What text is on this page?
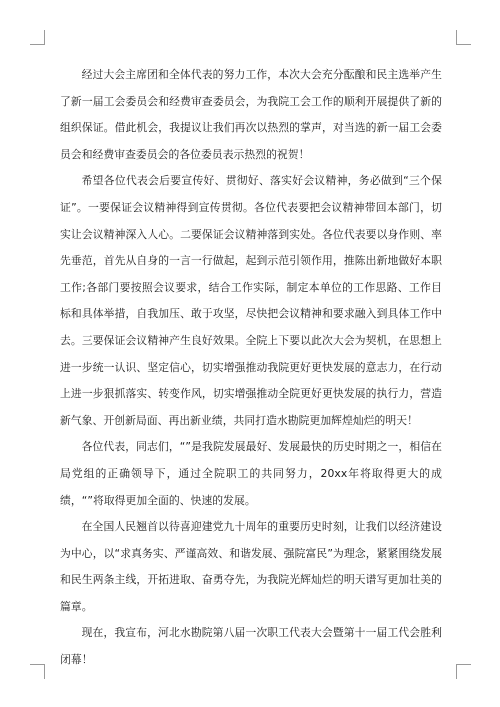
经过大会主席团和全体代表的努力工作，本次大会充分酝酿和民主选举产生了新一届工会委员会和经费审查委员会，为我院工会工作的顺利开展提供了新的组织保证。借此机会，我提议让我们再次以热烈的掌声，对当选的新一届工会委员会和经费审查委员会的各位委员表示热烈的祝贺！

希望各位代表会后要宣传好、贯彻好、落实好会议精神，务必做到“三个保证”。一要保证会议精神得到宣传贯彻。各位代表要把会议精神带回本部门，切实让会议精神深入人心。二要保证会议精神落到实处。各位代表要以身作则、率先垂范，首先从自身的一言一行做起，起到示范引领作用，推陈出新地做好本职工作;各部门要按照会议要求，结合工作实际，制定本单位的工作思路、工作目标和具体举措，自我加压、敢于攻坚，尽快把会议精神和要求融入到具体工作中去。三要保证会议精神产生良好效果。全院上下要以此次大会为契机，在思想上进一步统一认识、坚定信心，切实增强推动我院更好更快发展的意志力，在行动上进一步狠抓落实、转变作风，切实增强推动全院更好更快发展的执行力，营造新气象、开创新局面、再出新业绩，共同打造水勘院更加辉煌灿烂的明天！

各位代表，同志们，“”是我院发展最好、发展最快的历史时期之一，相信在局党组的正确领导下，通过全院职工的共同努力，20xx年将取得更大的成绩，“”将取得更加全面的、快速的发展。

在全国人民翘首以待喜迎建党九十周年的重要历史时刻，让我们以经济建设为中心，以“求真务实、严谨高效、和谐发展、强院富民”为理念，紧紧围绕发展和民生两条主线，开拓进取、奋勇夺先，为我院光辉灿烂的明天谱写更加壮美的篇章。

现在，我宣布，河北水勘院第八届一次职工代表大会暨第十一届工代会胜利闭幕！
